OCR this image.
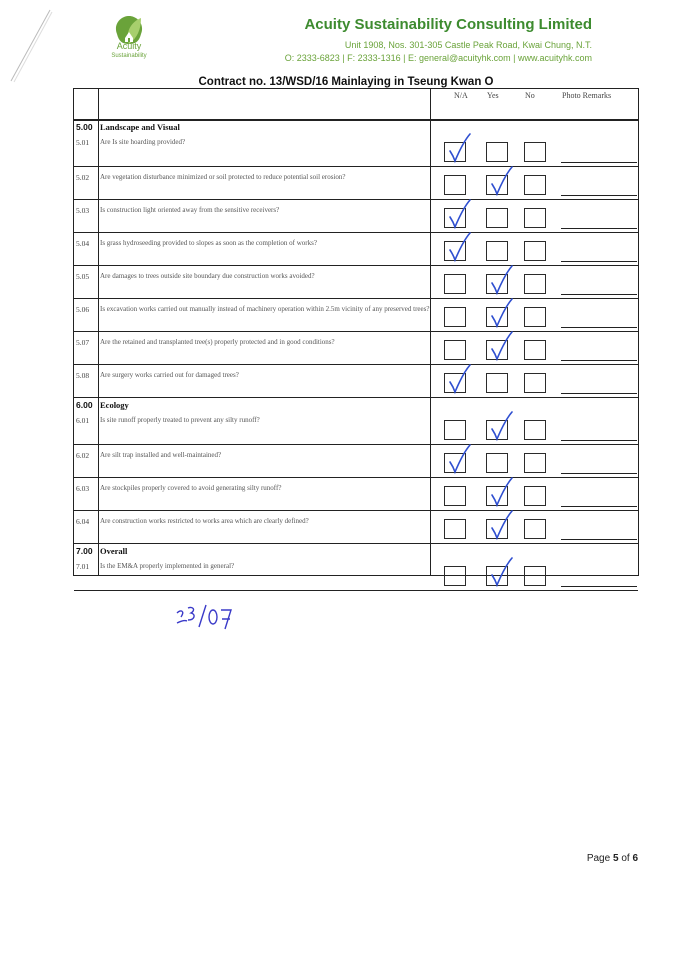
Acuity
Sustainability
Acuity Sustainability Consulting Limited
Unit 1908, Nos. 301-305 Castle Peak Road, Kwai Chung, N.T.
O: 2333-6823 | F: 2333-1316 | E: general@acuityhk.com | www.acuityhk.com
Contract no. 13/WSD/16 Mainlaying in Tseung Kwan O
N/A Yes	No	Photo Remarks
5.00 Landscape and Visual
5.01 Are Is site hoarding provided?
5.02 Are vegetation disturbance minimized or soil protected to reduce potential soil erosion?
5.03 Is construction light oriented away from the sensitive receivers?
5.04 Is grass hydroseeding provided to slopes as soon as the completion of works?
5.05 Are damages to trees outside site boundary due construction works avoided?
5.06 Is excavation works carried out manually instead of machinery operation within 2.5m vicinity of any preserved trees?
5.07 Are the retained and transplanted tree(s) properly protected and in good conditions?
5.08 Are surgery works carried out for damaged trees?
6.00 Ecology
6.01 Is site runoff properly treated to prevent any silty runoff?
6.02 Are silt trap installed and well-maintained?
6.03 Are stockpiles properly covered to avoid generating silty runoff?
6.04 Are construction works restricted to works area which are clearly defined?
7.00 Overall
7.01 Is the EM&A properly implemented in general?
Page 5 of 6
